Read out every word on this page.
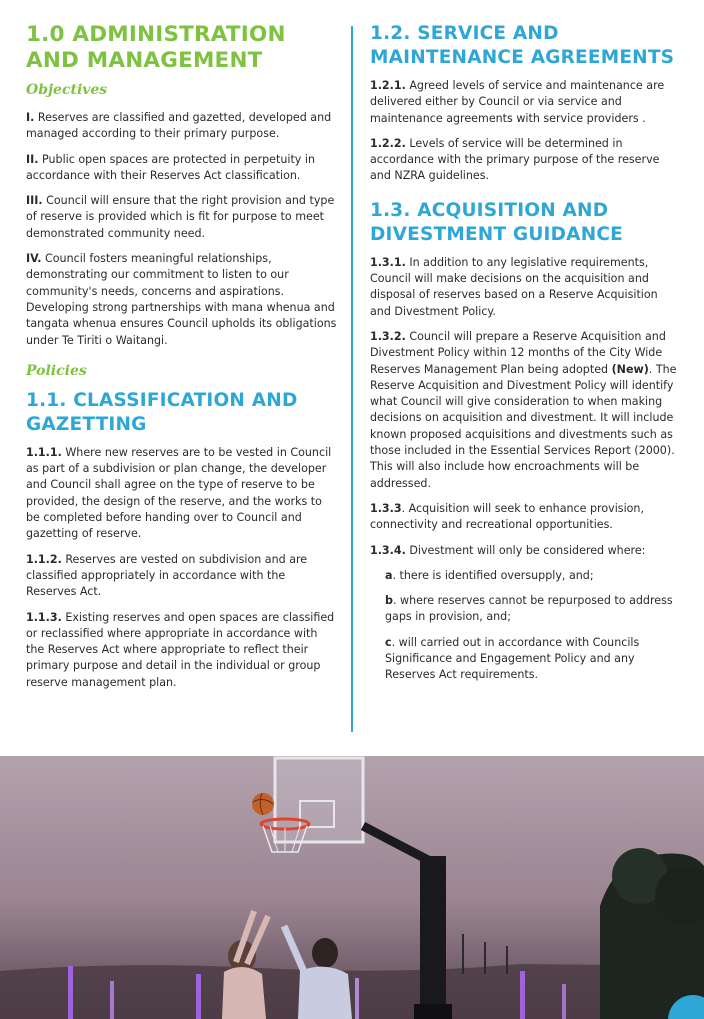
1.0 ADMINISTRATION AND MANAGEMENT
Objectives

I. Reserves are classified and gazetted, developed and managed according to their primary purpose.

II. Public open spaces are protected in perpetuity in accordance with their Reserves Act classification.

III. Council will ensure that the right provision and type of reserve is provided which is fit for purpose to meet demonstrated community need.

IV. Council fosters meaningful relationships, demonstrating our commitment to listen to our community's needs, concerns and aspirations. Developing strong partnerships with mana whenua and tangata whenua ensures Council upholds its obligations under Te Tiriti o Waitangi.

Policies
1.1. CLASSIFICATION AND GAZETTING

1.1.1. Where new reserves are to be vested in Council as part of a subdivision or plan change, the developer and Council shall agree on the type of reserve to be provided, the design of the reserve, and the works to be completed before handing over to Council and gazetting of reserve.

1.1.2. Reserves are vested on subdivision and are classified appropriately in accordance with the Reserves Act.

1.1.3. Existing reserves and open spaces are classified or reclassified where appropriate in accordance with the Reserves Act where appropriate to reflect their primary purpose and detail in the individual or group reserve management plan.

1.2. SERVICE AND MAINTENANCE AGREEMENTS

1.2.1. Agreed levels of service and maintenance are delivered either by Council or via service and maintenance agreements with service providers .

1.2.2. Levels of service will be determined in accordance with the primary purpose of the reserve and NZRA guidelines.

1.3. ACQUISITION AND DIVESTMENT GUIDANCE

1.3.1. In addition to any legislative requirements, Council will make decisions on the acquisition and disposal of reserves based on a Reserve Acquisition and Divestment Policy.

1.3.2. Council will prepare a Reserve Acquisition and Divestment Policy within 12 months of the City Wide Reserves Management Plan being adopted (New). The Reserve Acquisition and Divestment Policy will identify what Council will give consideration to when making decisions on acquisition and divestment. It will include known proposed acquisitions and divestments such as those included in the Essential Services Report (2000). This will also include how encroachments will be addressed.

1.3.3. Acquisition will seek to enhance provision, connectivity and recreational opportunities.

1.3.4. Divestment will only be considered where:

a. there is identified oversupply, and;

b. where reserves cannot be repurposed to address gaps in provision, and;

c. will carried out in accordance with Councils Significance and Engagement Policy and any Reserves Act requirements.
